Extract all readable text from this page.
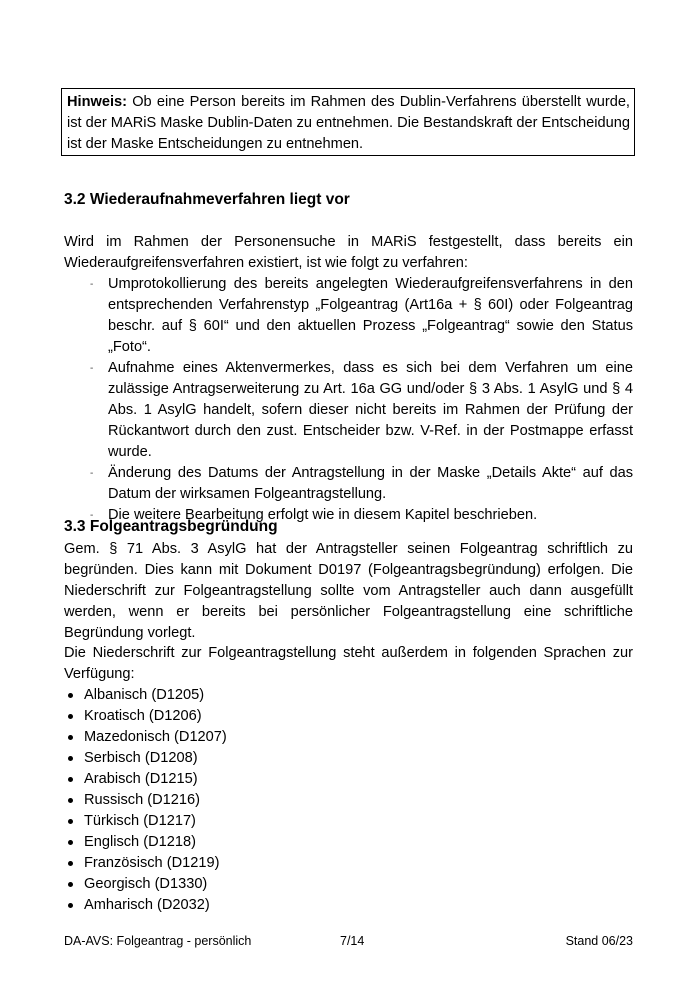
Hinweis: Ob eine Person bereits im Rahmen des Dublin-Verfahrens überstellt wurde, ist der MARiS Maske Dublin-Daten zu entnehmen. Die Bestandskraft der Entscheidung ist der Maske Entscheidungen zu entnehmen.
3.2 Wiederaufnahmeverfahren liegt vor

Wird im Rahmen der Personensuche in MARiS festgestellt, dass bereits ein Wiederaufgreifensverfahren existiert, ist wie folgt zu verfahren:

-	Umprotokollierung des bereits angelegten Wiederaufgreifensverfahrens in den entsprechenden Verfahrenstyp „Folgeantrag (Art16a + § 60I) oder Folgeantrag beschr. auf § 60I“ und den aktuellen Prozess „Folgeantrag“ sowie den Status „Foto“.
-	Aufnahme eines Aktenvermerkes, dass es sich bei dem Verfahren um eine zulässige Antragserweiterung zu Art. 16a GG und/oder § 3 Abs. 1 AsylG und § 4 Abs. 1 AsylG handelt, sofern dieser nicht bereits im Rahmen der Prüfung der Rückantwort durch den zust. Entscheider bzw. V-Ref. in der Postmappe erfasst wurde.
-	Änderung des Datums der Antragstellung in der Maske „Details Akte“ auf das Datum der wirksamen Folgeantragstellung.
-	Die weitere Bearbeitung erfolgt wie in diesem Kapitel beschrieben.
3.3 Folgeantragsbegründung

Gem. § 71 Abs. 3 AsylG hat der Antragsteller seinen Folgeantrag schriftlich zu begründen. Dies kann mit Dokument D0197 (Folgeantragsbegründung) erfolgen. Die Niederschrift zur Folgeantragstellung sollte vom Antragsteller auch dann ausgefüllt werden, wenn er bereits bei persönlicher Folgeantragstellung eine schriftliche Begründung vorlegt.

Die Niederschrift zur Folgeantragstellung steht außerdem in folgenden Sprachen zur Verfügung:

Albanisch (D1205)
Kroatisch (D1206)
Mazedonisch (D1207)
Serbisch (D1208)
Arabisch (D1215)
Russisch (D1216)
Türkisch (D1217)
Englisch (D1218)
Französisch (D1219)
Georgisch (D1330)
Amharisch (D2032)
DA-AVS: Folgeantrag - persönlich	7/14	Stand 06/23
